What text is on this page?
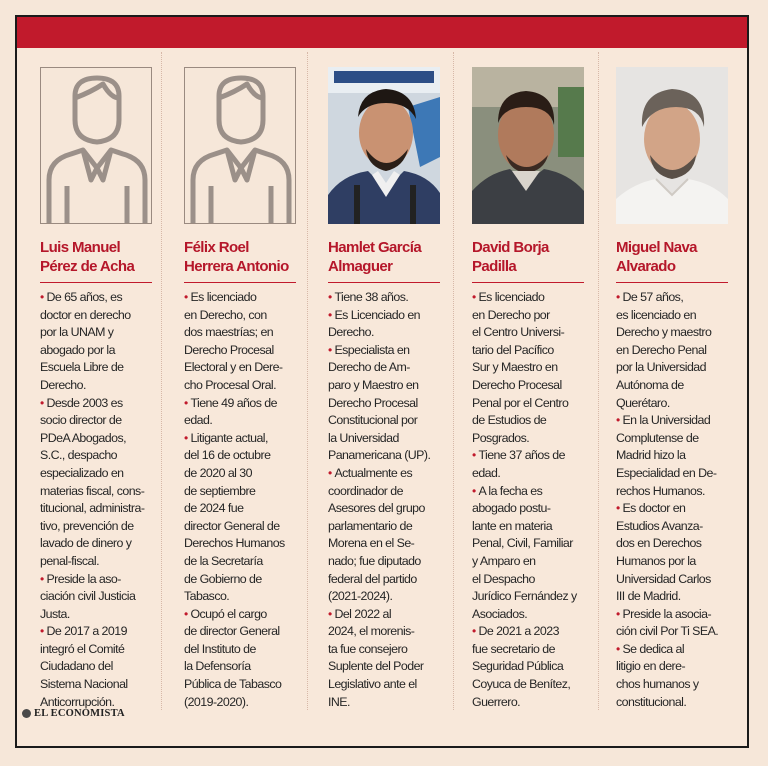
Luis Manuel
Pérez de Acha
• De 65 años, es
doctor en derecho
por la UNAM y
abogado por la
Escuela Libre de
Derecho.
• Desde 2003 es
socio director de
PDeA Abogados,
S.C., despacho
especializado en
materias fiscal, cons-
titucional, administra-
tivo, prevención de
lavado de dinero y
penal-fiscal.
• Preside la aso-
ciación civil Justicia
Justa.
• De 2017 a 2019
integró el Comité
Ciudadano del
Sistema Nacional
Anticorrupción.
Félix Roel
Herrera Antonio
• Es licenciado
en Derecho, con
dos maestrías; en
Derecho Procesal
Electoral y en Dere-
cho Procesal Oral.
• Tiene 49 años de
edad.
• Litigante actual,
del 16 de octubre
de 2020 al 30
de septiembre
de 2024 fue
director General de
Derechos Humanos
de la Secretaría
de Gobierno de
Tabasco.
• Ocupó el cargo
de director General
del Instituto de
la Defensoría
Pública de Tabasco
(2019-2020).
Hamlet García
Almaguer
• Tiene 38 años.
• Es Licenciado en
Derecho.
• Especialista en
Derecho de Am-
paro y Maestro en
Derecho Procesal
Constitucional por
la Universidad
Panamericana (UP).
• Actualmente es
coordinador de
Asesores del grupo
parlamentario de
Morena en el Se-
nado; fue diputado
federal del partido
(2021-2024).
• Del 2022 al
2024, el morenis-
ta fue consejero
Suplente del Poder
Legislativo ante el
INE.
David Borja
Padilla
• Es licenciado
en Derecho por
el Centro Universi-
tario del Pacífico
Sur y Maestro en
Derecho Procesal
Penal por el Centro
de Estudios de
Posgrados.
• Tiene 37 años de
edad.
• A la fecha es
abogado postu-
lante en materia
Penal, Civil, Familiar
y Amparo en
el Despacho
Jurídico Fernández y
Asociados.
• De 2021 a 2023
fue secretario de
Seguridad Pública
Coyuca de Benítez,
Guerrero.
Miguel Nava
Alvarado
• De 57 años,
es licenciado en
Derecho y maestro
en Derecho Penal
por la Universidad
Autónoma de
Querétaro.
• En la Universidad
Complutense de
Madrid hizo la
Especialidad en De-
rechos Humanos.
• Es doctor en
Estudios Avanza-
dos en Derechos
Humanos por la
Universidad Carlos
III de Madrid.
• Preside la asocia-
ción civil Por Ti SEA.
• Se dedica al
litigio en dere-
chos humanos y
constitucional.
EL ECONOMISTA
